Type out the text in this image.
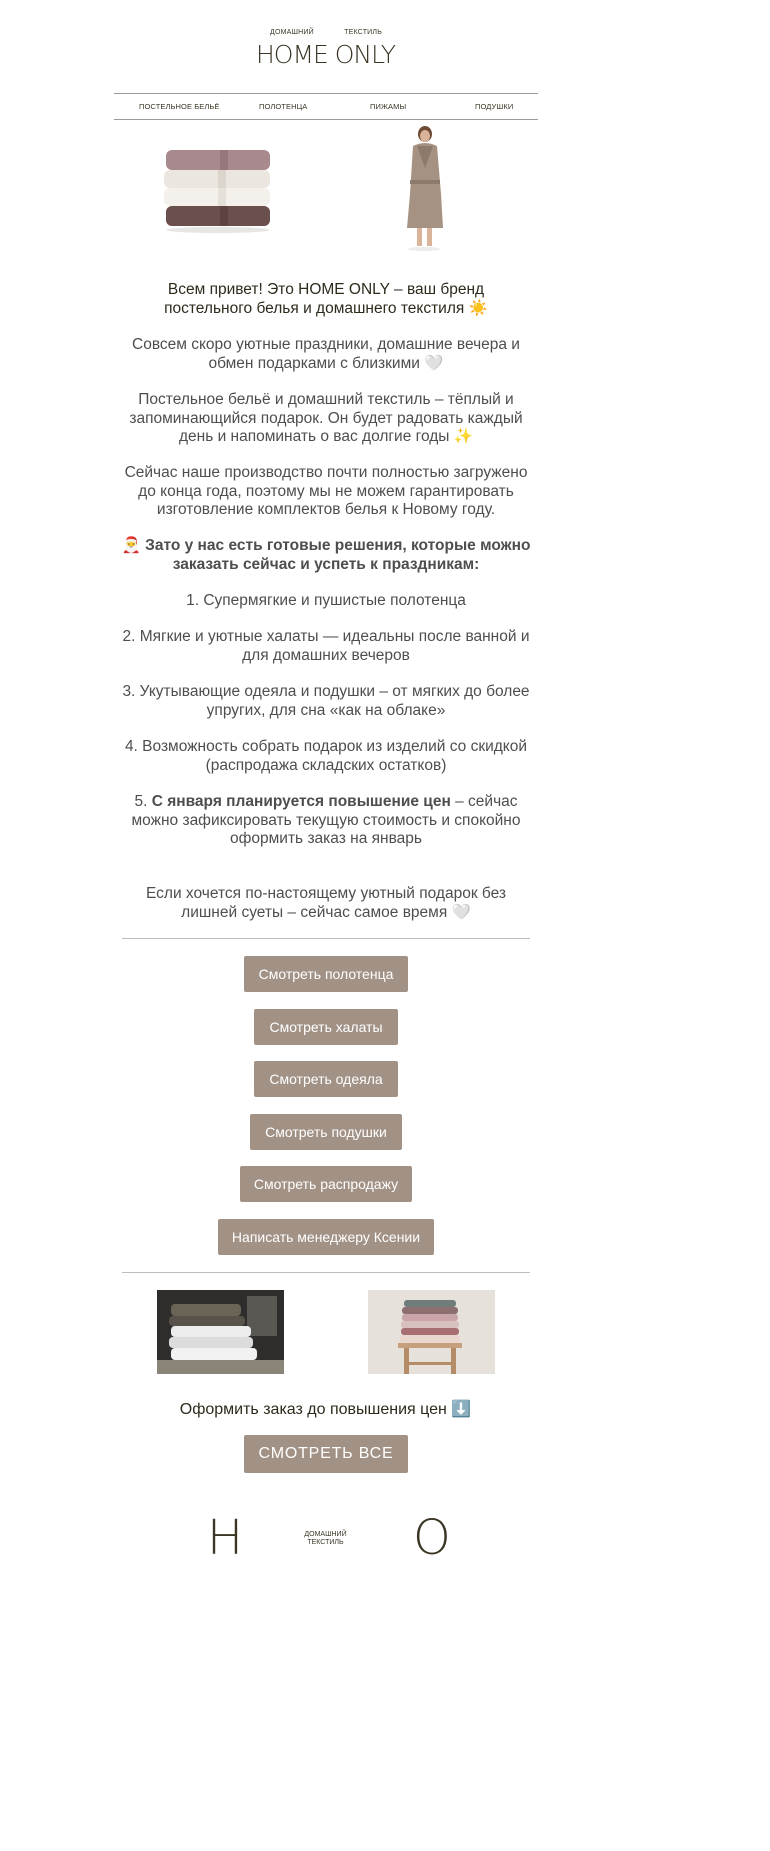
HOME ONLY
ДОМАШНИЙ	ТЕКСТИЛЬ
ПОСТЕЛЬНОЕ БЕЛЬЁ	ПОЛОТЕНЦА	ПИЖАМЫ	ПОДУШКИ
Всем привет! Это HOME ONLY – ваш бренд
постельного белья и домашнего текстиля ☀️
Совсем скоро уютные праздники, домашние вечера и обмен подарками с близкими 🤍
Постельное бельё и домашний текстиль – тёплый и запоминающийся подарок. Он будет радовать каждый день и напоминать о вас долгие годы ✨
Сейчас наше производство почти полностью загружено до конца года, поэтому мы не можем гарантировать изготовление комплектов белья к Новому году.
🎅 Зато у нас есть готовые решения, которые можно заказать сейчас и успеть к праздникам:
1. Супермягкие и пушистые полотенца
2. Мягкие и уютные халаты — идеальны после ванной и для домашних вечеров
3. Укутывающие одеяла и подушки – от мягких до более упругих, для сна «как на облаке»
4. Возможность собрать подарок из изделий со скидкой (распродажа складских остатков)
5. С января планируется повышение цен – сейчас можно зафиксировать текущую стоимость и спокойно оформить заказ на январь
Если хочется по-настоящему уютный подарок без лишней суеты – сейчас самое время 🤍
Смотреть полотенца
Смотреть халаты
Смотреть одеяла
Смотреть подушки
Смотреть распродажу
Написать менеджеру Ксении
Оформить заказ до повышения цен ⬇️
СМОТРЕТЬ ВСЕ
H	ДОМАШНИЙ
ТЕКСТИЛЬ	O
